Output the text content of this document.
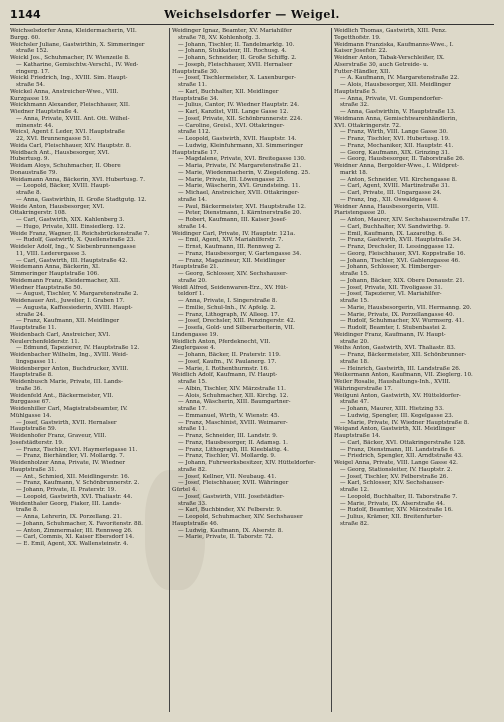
1144	Weichselsdorfer — Weigel.

Weichselsdorfer Anna, Kleidermacherin, VII.

Burgg. 60.

Weichsler Juliane, Gastwirthin, X. Simmeringer

straße 152.

Weickl Jos., Schuhmacher, IV. Wienzeile 8.

— Katharine, Gemischtw.-Verschl., IV. Wed-

ringerg. 17.

Weickl Friedrich, Ing., XVIII. Sim. Haupt-

straße 54.

Weickel Anna, Anstreicher-Wwe., VIII.

Kurzgasse 19.

Weickhmann Alexander, Fleischhauer, XII.

Wiedner Hauptstraße 4.

— Anna, Private, XVIII. Ant. Ott. Wilhel-

minenstr. 44.

Weicsl, Agent f. Leder, XVI. Hauptstraße

22, XVI. Brunnengasse 51.

Weida Carl, Fleischhauer, XIV. Hauptstr. 8.

Weidbach Ant., Hausbesorger, XVI.

Hubertusg. 9.

Weidam Aloys, Schuhmacher, II. Obere

Donaustraße 79.

Weidamann Anna, Bäckerin, XVI. Hubertusg. 7.

— Leopold, Bäcker, XVIII. Haupt-

straße 8.

— Anna, Gastwirthin, II. Große Stadtgutg. 12.

Weide Anton, Hausbesorger, XVI.

Ottakringerstr. 108.

— Carl, Gastwirth, XIX. Kahlenberg 3.

— Hugo, Private, XIII. Einsiedlerg. 12.

Weide Franz, Wagner, II. Reichsbrückenstraße 7.

— Rudolf, Gastwirth, X. Quellenstraße 23.

Weideler Adolf, Ing., V. Siebenbrunnengasse

11, VIII. Lederergasse 3.

— Carl, Gastwirth, III. Hauptstraße 42.

Weidemann Anna, Bäckerin, XI.

Simmeringer Hauptstraße 106.

Weidemann Franz, Kleidermacher, XII.

Wiedner Hauptstraße 50.

— August, Tischler, V. Margaretenstraße 2.

Weidenauer Ant., Juwelier, I. Graben 17.

— Augusta, Kaffeesiederin, XVIII. Haupt-

straße 24.

— Franz, Kaufmann, XII. Meidlinger

Hauptstraße 11.

Weidenbach Carl, Anstreicher, XVI.

Neulerchenfelderstr. 11.

— Edmund, Tapezierer, IV. Hauptstraße 12.

Weidenbacher Wilhelm, Ing., XVIII. Weid-

lingsgasse 11.

Weidenberger Anton, Buchdrucker, XVIII.

Hauptstraße 8.

Weidenbusch Marie, Private, III. Lands-

traße 36.

Weidenfeld Ant., Bäckermeister, VII.

Burggasse 67.

Weidenhiller Carl, Magistratsbeamter, IV.

Mühlgasse 14.

— Josef, Gastwirth, XVII. Hernalser

Hauptstraße 59.

Weidenhofer Franz, Graveur, VIII.

Josefstädterstr. 19.

— Franz, Tischler, XVI. Haymerlegasse 11.

— Franz, Bierhändler, VI. Mollardg. 7.

Weidenholzer Anna, Private, IV. Wiedner

Hauptstraße 31.

— Ant., Schmied, XII. Meidlingerstr. 16.

— Franz, Kaufmann, V. Schönbrunnerstr. 2.

— Johann, Private, II. Praterstr. 19.

— Leopold, Gastwirth, XVI. Thaliastr. 44.

Weidenthaler Georg, Fiaker, III. Lands-

traße 8.

— Anna, Lehrerin, IX. Porzellang. 21.

— Johann, Schuhmacher, X. Favoritenstr. 88.

— Anton, Zimmermaler, III. Rennweg 26.

— Carl, Commis, XI. Kaiser Ebersdorf 14.

— E. Emil, Agent, XX. Wallensteinstr. 4.

Weidinger Ignaz, Beamter, XV. Mariahilfer

straße 78, XV. Kohlenhofg. 3.

— Johann, Tischler, II. Tandelmarktg. 10.

— Johann, Stukkateur, III. Rochusg. 4.

— Johann, Schneider, II. Große Schiffg. 2.

— Joseph, Fleischhauer, XVII. Hernalser

Hauptstraße 30.

— Josef, Tischlermeister, X. Laxenburger-

straße 11.

— Karl, Buchhalter, XII. Meidlinger

Hauptstraße 34.

— Julius, Cantor, IV. Wiedner Hauptstr. 24.

— Karl, Kanzlist, VIII. Lange Gasse 12.

— Josef, Private, XII. Schönbrunnerstr. 224.

— Caroline, Greisl., XVI. Ottakringer-

straße 112.

— Leopold, Gastwirth, XVII. Hauptstr. 14.

— Ludwig, Kleinfuhrmann, XI. Simmeringer

Hauptstraße 17.

— Magdalene, Private, XVI. Breitegasse 130.

— Maria, Private, IV. Margaretenstraße 21.

— Marie, Wiedenmacherin, V. Ziegelofeng. 25.

— Marie, Private, III. Löwengasse 25.

— Marie, Wäscherin, XVI. Grundsteing. 11.

— Michael, Anstreicher, XVII. Ottakringer-

straße 14.

— Paul, Bäckermeister, XVI. Hauptstraße 12.

— Peter, Dienstmann, I. Kärntnerstraße 20.

— Robert, Kaufmann, III. Kaiser Josef-

straße 14.

Weidinger Carl, Private, IV. Hauptstr. 121a.

— Emil, Agent, XIV. Mariahilferstr. 7.

— Ernst, Kaufmann, III. Rennweg 2.

— Franz, Hausbesorger, V. Gartengasse 34.

— Franz, Magazineur, XII. Meidlinger

Hauptstraße 21.

— Georg, Schlosser, XIV. Sechshauser-

straße 20.

Weidl Alfred, Seidenwaren-Erz., XV. Hüt-

teldorf 1.

— Anna, Private, I. Singerstraße 8.

— Emilie, Schul-Inh., IV. Apfelg. 2.

— Franz, Lithograph, IV. Alleeg. 17.

— Josef, Drechsler, XIII. Penzingerstr. 42.

— Josefa, Gold- und Silberarbeiterin, VII.

Lindengasse 19.

Weidlich Anton, Pferdeknecht, VII.

Zieglergasse 4.

— Johann, Bäcker, II. Praterstr. 119.

— Josef, Kaufm., IV. Paulanerg. 17.

— Marie, I. Rothenthurmstr. 16.

Weidlich Adolf, Kaufmann, IV. Haupt-

straße 15.

— Albin, Tischler, XIV. Märzstraße 11.

— Alois, Schuhmacher, XII. Kirchg. 12.

— Anna, Wäscherin, XIII. Baumgartner-

straße 17.

— Emmanuel, Wirth, V. Wienstr. 45.

— Franz, Maschinist, XVIII. Weimarer-

straße 11.

— Franz, Schneider, III. Landstr. 9.

— Franz, Hausbesorger, II. Adamsg. 1.

— Franz, Lithograph, III. Kleeblattg. 4.

— Franz, Tischler, VI. Mollardg. 9.

— Johann, Fuhrwerksbesitzer, XIV. Hütteldorfer-

straße 82.

— Josef, Kellner, VII. Neubaug. 41.

— Josef, Fleischhauer, XVII. Währinger

Gürtel 4.

— Josef, Gastwirth, VIII. Josefstädter-

straße 33.

— Karl, Buchbinder, XV. Felberstr. 9.

— Leopold, Schuhmacher, XIV. Sechshauser

Hauptstraße 46.

— Ludwig, Kaufmann, IX. Alserstr. 8.

— Marie, Private, II. Taborstr. 72.

Weidlich Thomas, Gastwirth, XIII. Penz.

Tegetthofstr. 19.

Weidmann Franziska, Kaufmanns-Wwe., I.

Kaiser Josefstr. 22.

Weidner Anton, Tabak-Verschleißer, IX.

Alserstraße 30, auch Getreide- u.

Futter-Händler, XII.

— A. Kaufmann, IV. Margaretenstraße 22.

— Alois, Hausbesorger, XII. Meidlinger

Hauptstraße 5.

— Anna, Private, VI. Gumpendorfer-

straße 32.

— Anna, Gastwirthin, V. Hauptstraße 13.

Weidmann Anna, Gemischtwarenhändlerin,

XVI. Ottakringerstr. 72.

— Franz, Wirth, VIII. Lange Gasse 30.

— Franz, Tischler, XVI. Hubertusg. 19.

— Franz, Mechaniker, XII. Hauptstr. 41.

— Georg, Kaufmann, XIX. Grinzing 31.

— Georg, Hausbesorger, II. Taborstraße 26.

Weidner Anna, Bergolder-Wwe., I. Wildpret-

markt 18.

— Anton, Schneider, VII. Kirchengasse 8.

— Carl, Agent, XVIII. Martinstraße 31.

— Carl, Private, III. Ungargasse 24.

— Franz, Ing., XII. Oswaldgasse 4.

Weidner Anna, Hausbesorgerin, VIII.

Piaristengasse 20.

— Anton, Maurer, XIV. Sechshauserstraße 17.

— Carl, Buchhalter, XV. Sandwirthg. 9.

— Emil, Kaufmann, IX. Lazarethg. 6.

— Franz, Gastwirth, XVII. Hauptstraße 34.

— Franz, Drechsler, II. Lessinggasse 12.

— Georg, Fleischhauer, XVI. Koppstraße 16.

— Johann, Tischler, XVI. Gablenzgasse 46.

— Johann, Schlosser, X. Himberger-

straße 15.

— Johann, Bäcker, XIX. Obere Donaustr. 21.

— Josef, Private, XII. Tivoligasse 31.

— Josef, Tapezierer, VI. Mariahilfer-

straße 15.

— Marie, Hausbesorgerin, VII. Hermanng. 20.

— Marie, Private, IX. Porzellangasse 40.

— Rudolf, Schuhmacher, XV. Wurmserg. 41.

— Rudolf, Beamter, I. Stubenbastei 2.

Weidinger Franz, Kaufmann, IV. Haupt-

straße 20.

Weihs Anton, Gastwirth, XVI. Thaliastr. 83.

— Franz, Bäckermeister, XII. Schönbrunner-

straße 18.

— Heinrich, Gastwirth, III. Landstraße 26.

Weikermann Anton, Kaufmann, VII. Zieglerg. 10.

Weiler Rosalie, Haushaltungs-Inh., XVIII.

Währingerstraße 17.

Weilguni Anton, Gastwirth, XV. Hütteldorfer-

straße 47.

— Johann, Maurer, XIII. Hietzing 53.

— Ludwig, Spengler, III. Kegelgasse 23.

— Marie, Private, IV. Wiedner Hauptstraße 8.

Weigand Anton, Gastwirth, XII. Meidlinger

Hauptstraße 14.

— Carl, Bäcker, XVI. Ottakringerstraße 128.

— Franz, Dienstmann, III. Landstraße 6.

— Friedrich, Spengler, XII. Arndtstraße 43.

Weigel Anna, Private, VIII. Lange Gasse 42.

— Georg, Stationsleiter, IV. Hauptstr. 2.

— Josef, Tischler, XV. Felberstraße 26.

— Karl, Schlosser, XIV. Sechshauser-

straße 12.

— Leopold, Buchhalter, II. Taborstraße 7.

— Marie, Private, IX. Alserstraße 44.

— Rudolf, Beamter, XIV. Märzstraße 16.

— Julius, Krämer, XII. Breitenfurter-

straße 82.
